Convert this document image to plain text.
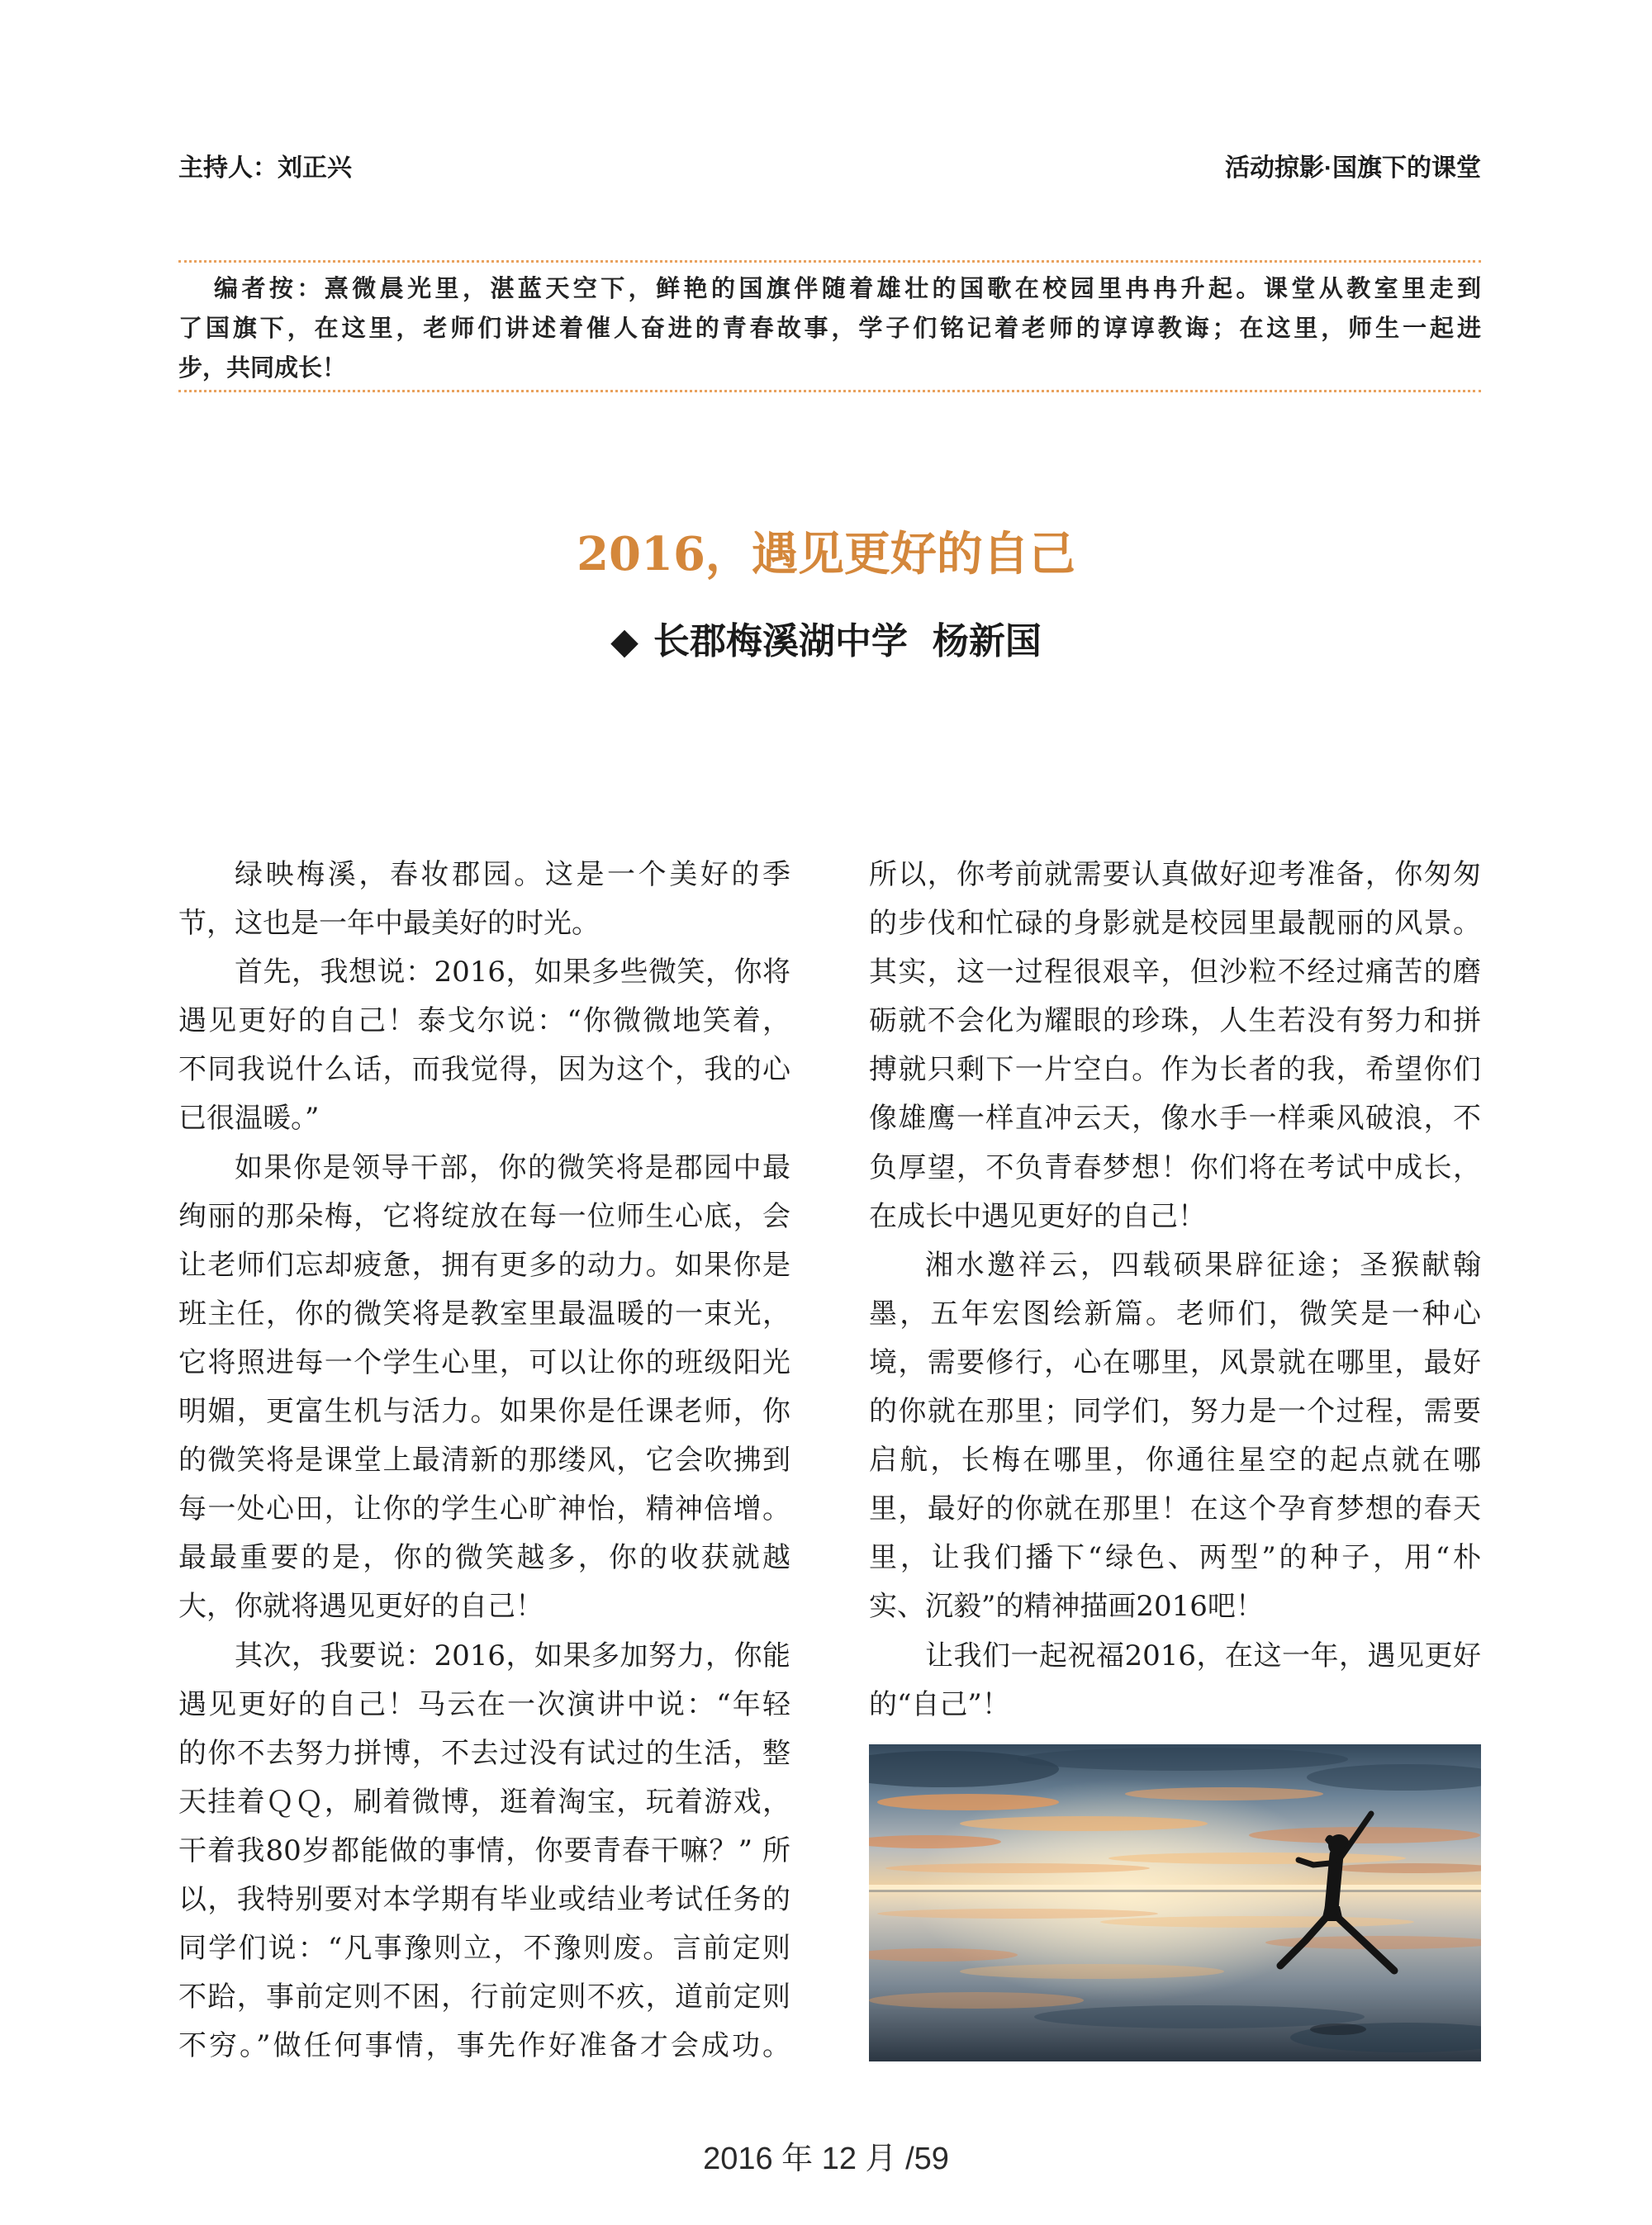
主持人：刘正兴	活动掠影·国旗下的课堂
编者按：熹微晨光里，湛蓝天空下，鲜艳的国旗伴随着雄壮的国歌在校园里冉冉升起。课堂从教室里走到
了国旗下，在这里，老师们讲述着催人奋进的青春故事，学子们铭记着老师的谆谆教诲；在这里，师生一起进
步，共同成长！
2016，遇见更好的自己
◆ 长郡梅溪湖中学 杨新国
绿映梅溪，春妆郡园。这是一个美好的季
节，这也是一年中最美好的时光。
首先，我想说：2016，如果多些微笑，你将
遇见更好的自己！泰戈尔说：“你微微地笑着，
不同我说什么话，而我觉得，因为这个，我的心
已很温暖。”
如果你是领导干部，你的微笑将是郡园中最
绚丽的那朵梅，它将绽放在每一位师生心底，会
让老师们忘却疲惫，拥有更多的动力。如果你是
班主任，你的微笑将是教室里最温暖的一束光，
它将照进每一个学生心里，可以让你的班级阳光
明媚，更富生机与活力。如果你是任课老师，你
的微笑将是课堂上最清新的那缕风，它会吹拂到
每一处心田，让你的学生心旷神怡，精神倍增。
最最重要的是，你的微笑越多，你的收获就越
大，你就将遇见更好的自己！
其次，我要说：2016，如果多加努力，你能
遇见更好的自己！马云在一次演讲中说：“年轻
的你不去努力拼博，不去过没有试过的生活，整
天挂着ＱＱ，刷着微博，逛着淘宝，玩着游戏，
干着我80岁都能做的事情，你要青春干嘛？” 所
以，我特别要对本学期有毕业或结业考试任务的
同学们说：“凡事豫则立，不豫则废。言前定则
不跲，事前定则不困，行前定则不疚，道前定则
不穷。”做任何事情，事先作好准备才会成功。
所以，你考前就需要认真做好迎考准备，你匆匆
的步伐和忙碌的身影就是校园里最靓丽的风景。
其实，这一过程很艰辛，但沙粒不经过痛苦的磨
砺就不会化为耀眼的珍珠，人生若没有努力和拼
搏就只剩下一片空白。作为长者的我，希望你们
像雄鹰一样直冲云天，像水手一样乘风破浪，不
负厚望，不负青春梦想！你们将在考试中成长，
在成长中遇见更好的自己！
湘水邀祥云，四载硕果辟征途；圣猴献翰
墨，五年宏图绘新篇。老师们，微笑是一种心
境，需要修行，心在哪里，风景就在哪里，最好
的你就在那里；同学们，努力是一个过程，需要
启航，长梅在哪里，你通往星空的起点就在哪
里，最好的你就在那里！在这个孕育梦想的春天
里，让我们播下“绿色、两型”的种子，用“朴
实、沉毅”的精神描画2016吧！
让我们一起祝福2016，在这一年，遇见更好
的“自己”！
2016 年 12 月 /59
